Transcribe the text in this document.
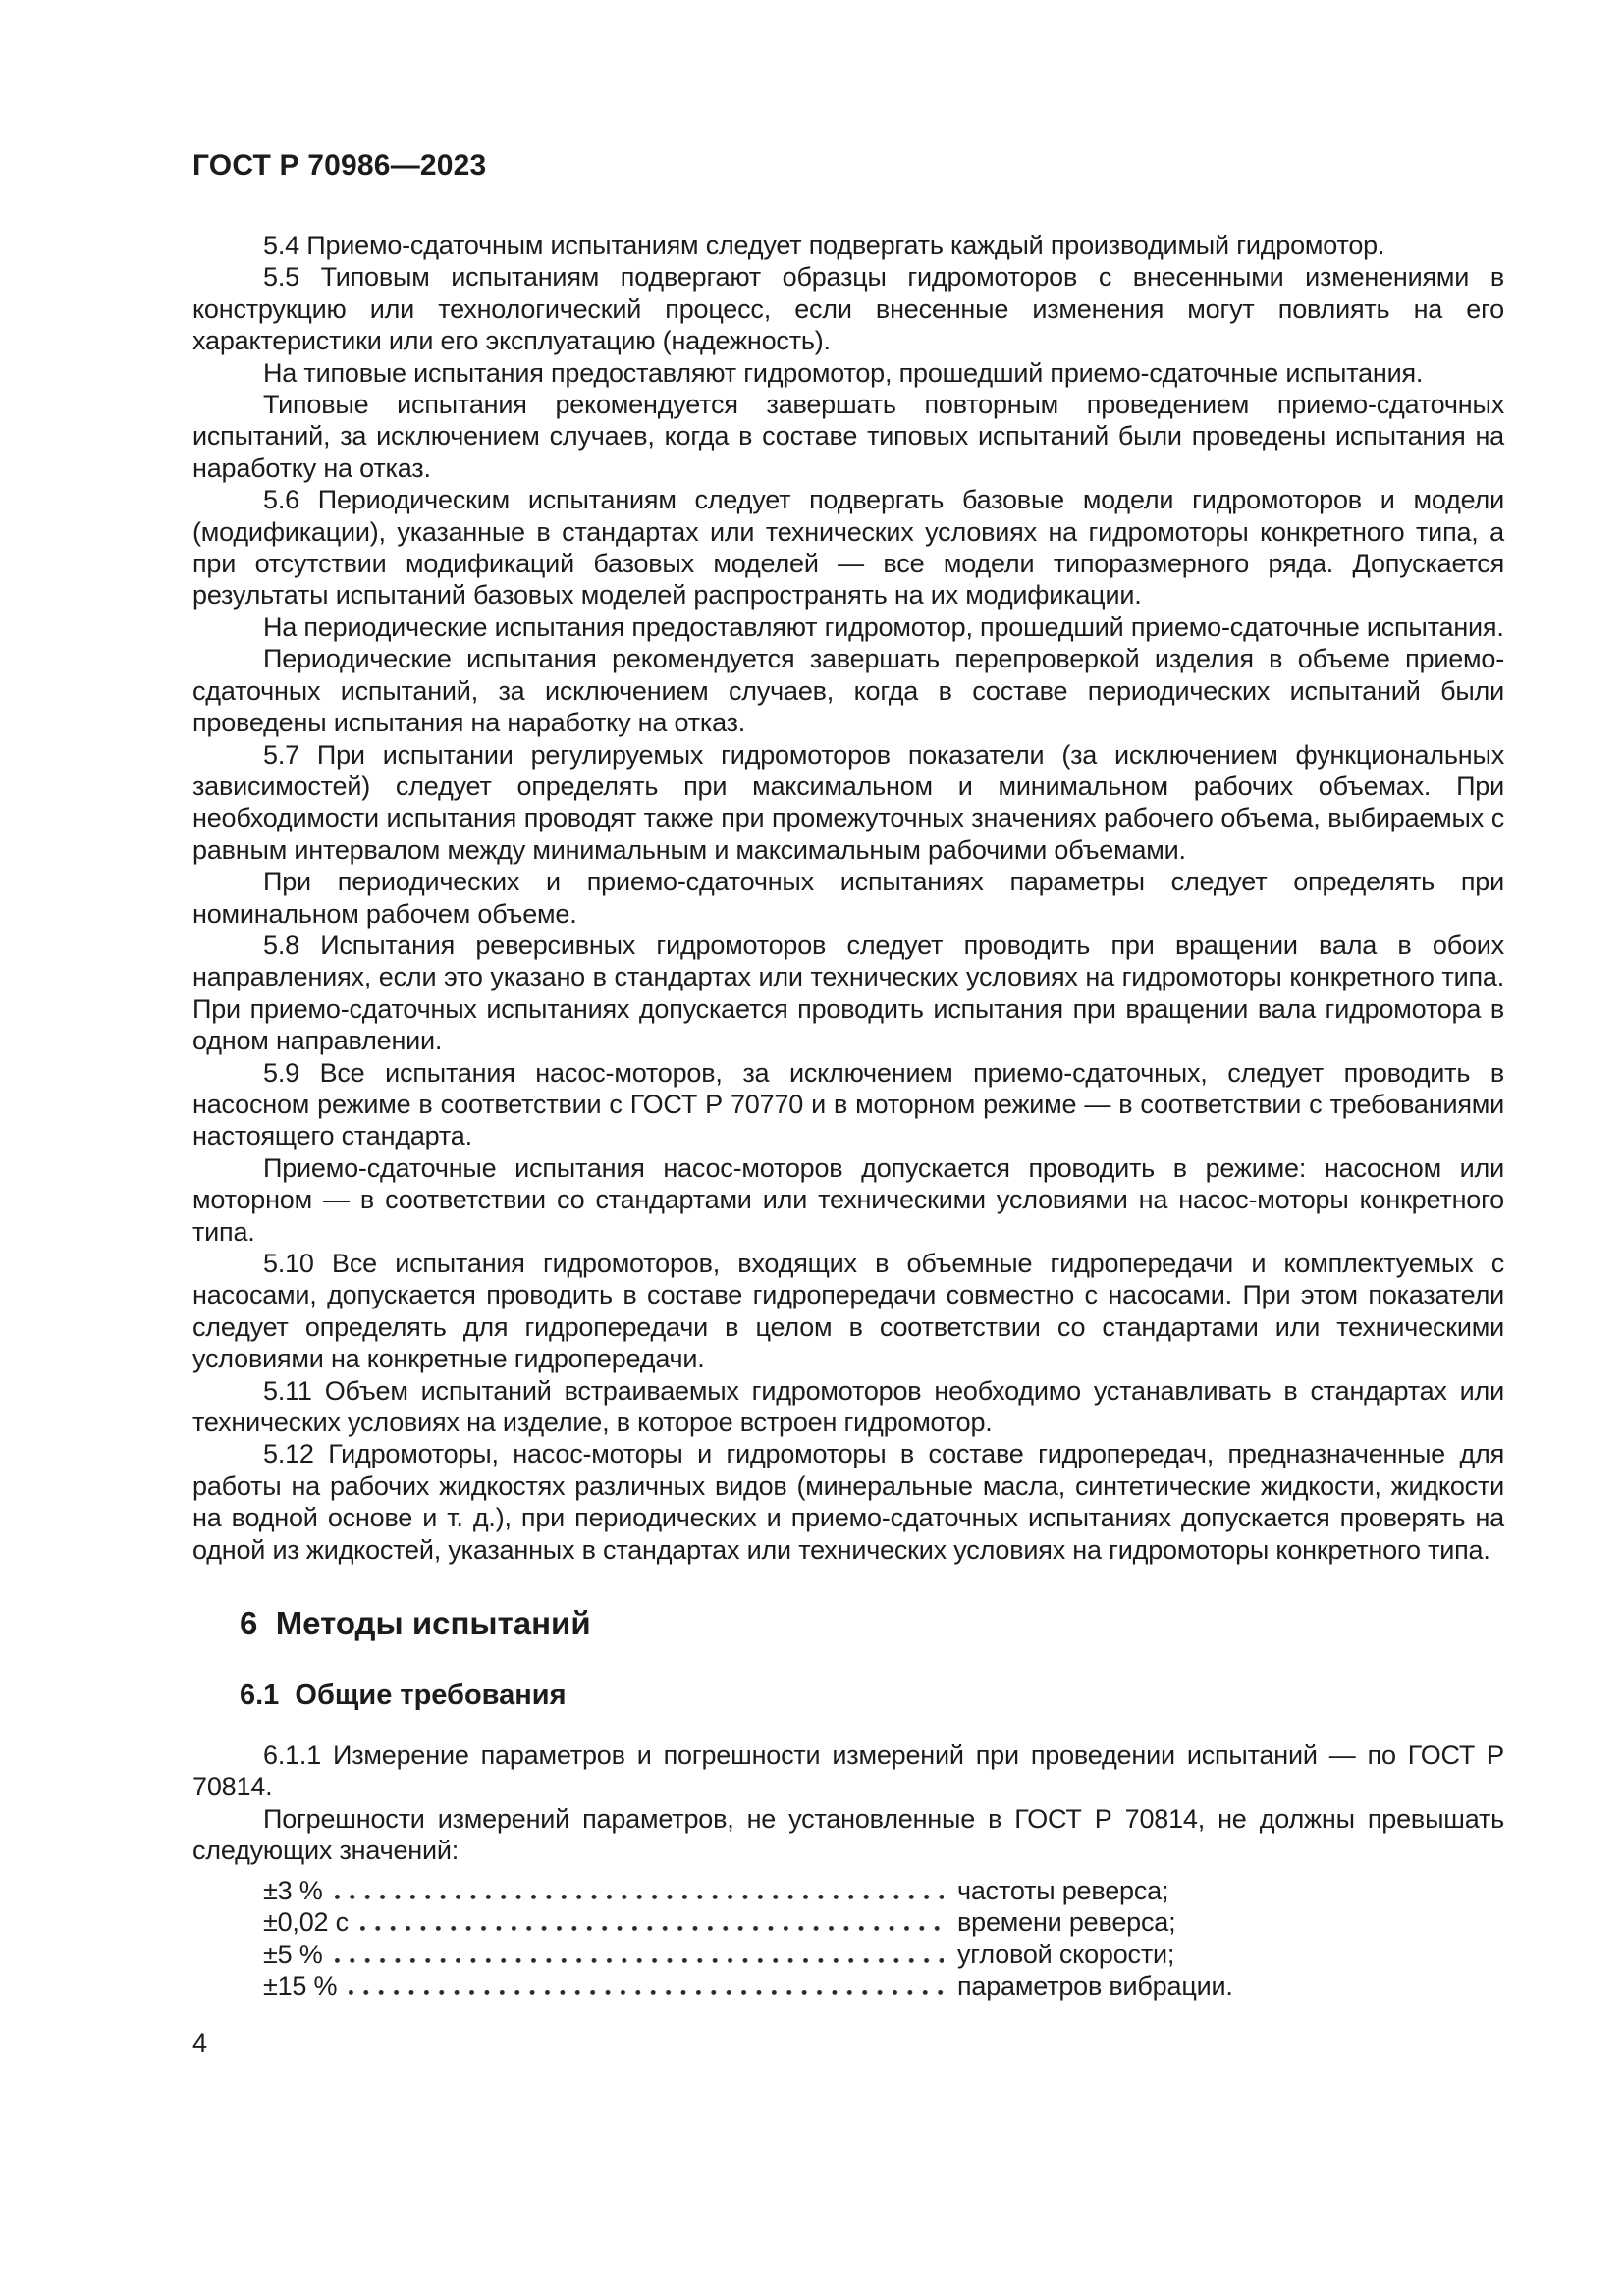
ГОСТ Р 70986—2023

5.4 Приемо-сдаточным испытаниям следует подвергать каждый производимый гидромотор.

5.5 Типовым испытаниям подвергают образцы гидромоторов с внесенными изменениями в конструкцию или технологический процесс, если внесенные изменения могут повлиять на его характеристики или его эксплуатацию (надежность).

На типовые испытания предоставляют гидромотор, прошедший приемо-сдаточные испытания.

Типовые испытания рекомендуется завершать повторным проведением приемо-сдаточных испытаний, за исключением случаев, когда в составе типовых испытаний были проведены испытания на наработку на отказ.

5.6 Периодическим испытаниям следует подвергать базовые модели гидромоторов и модели (модификации), указанные в стандартах или технических условиях на гидромоторы конкретного типа, а при отсутствии модификаций базовых моделей — все модели типоразмерного ряда. Допускается результаты испытаний базовых моделей распространять на их модификации.

На периодические испытания предоставляют гидромотор, прошедший приемо-сдаточные испытания.

Периодические испытания рекомендуется завершать перепроверкой изделия в объеме приемо-сдаточных испытаний, за исключением случаев, когда в составе периодических испытаний были проведены испытания на наработку на отказ.

5.7 При испытании регулируемых гидромоторов показатели (за исключением функциональных зависимостей) следует определять при максимальном и минимальном рабочих объемах. При необходимости испытания проводят также при промежуточных значениях рабочего объема, выбираемых с равным интервалом между минимальным и максимальным рабочими объемами.

При периодических и приемо-сдаточных испытаниях параметры следует определять при номинальном рабочем объеме.

5.8 Испытания реверсивных гидромоторов следует проводить при вращении вала в обоих направлениях, если это указано в стандартах или технических условиях на гидромоторы конкретного типа. При приемо-сдаточных испытаниях допускается проводить испытания при вращении вала гидромотора в одном направлении.

5.9 Все испытания насос-моторов, за исключением приемо-сдаточных, следует проводить в насосном режиме в соответствии с ГОСТ Р 70770 и в моторном режиме — в соответствии с требованиями настоящего стандарта.

Приемо-сдаточные испытания насос-моторов допускается проводить в режиме: насосном или моторном — в соответствии со стандартами или техническими условиями на насос-моторы конкретного типа.

5.10 Все испытания гидромоторов, входящих в объемные гидропередачи и комплектуемых с насосами, допускается проводить в составе гидропередачи совместно с насосами. При этом показатели следует определять для гидропередачи в целом в соответствии со стандартами или техническими условиями на конкретные гидропередачи.

5.11 Объем испытаний встраиваемых гидромоторов необходимо устанавливать в стандартах или технических условиях на изделие, в которое встроен гидромотор.

5.12 Гидромоторы, насос-моторы и гидромоторы в составе гидропередач, предназначенные для работы на рабочих жидкостях различных видов (минеральные масла, синтетические жидкости, жидкости на водной основе и т. д.), при периодических и приемо-сдаточных испытаниях допускается проверять на одной из жидкостей, указанных в стандартах или технических условиях на гидромоторы конкретного типа.

6  Методы испытаний
6.1  Общие требования

6.1.1 Измерение параметров и погрешности измерений при проведении испытаний — по ГОСТ Р 70814.

Погрешности измерений параметров, не установленные в ГОСТ Р 70814, не должны превышать следующих значений:

±3 %	частоты реверса;
±0,02 с	времени реверса;
±5 %	угловой скорости;
±15 %	параметров вибрации.
4
